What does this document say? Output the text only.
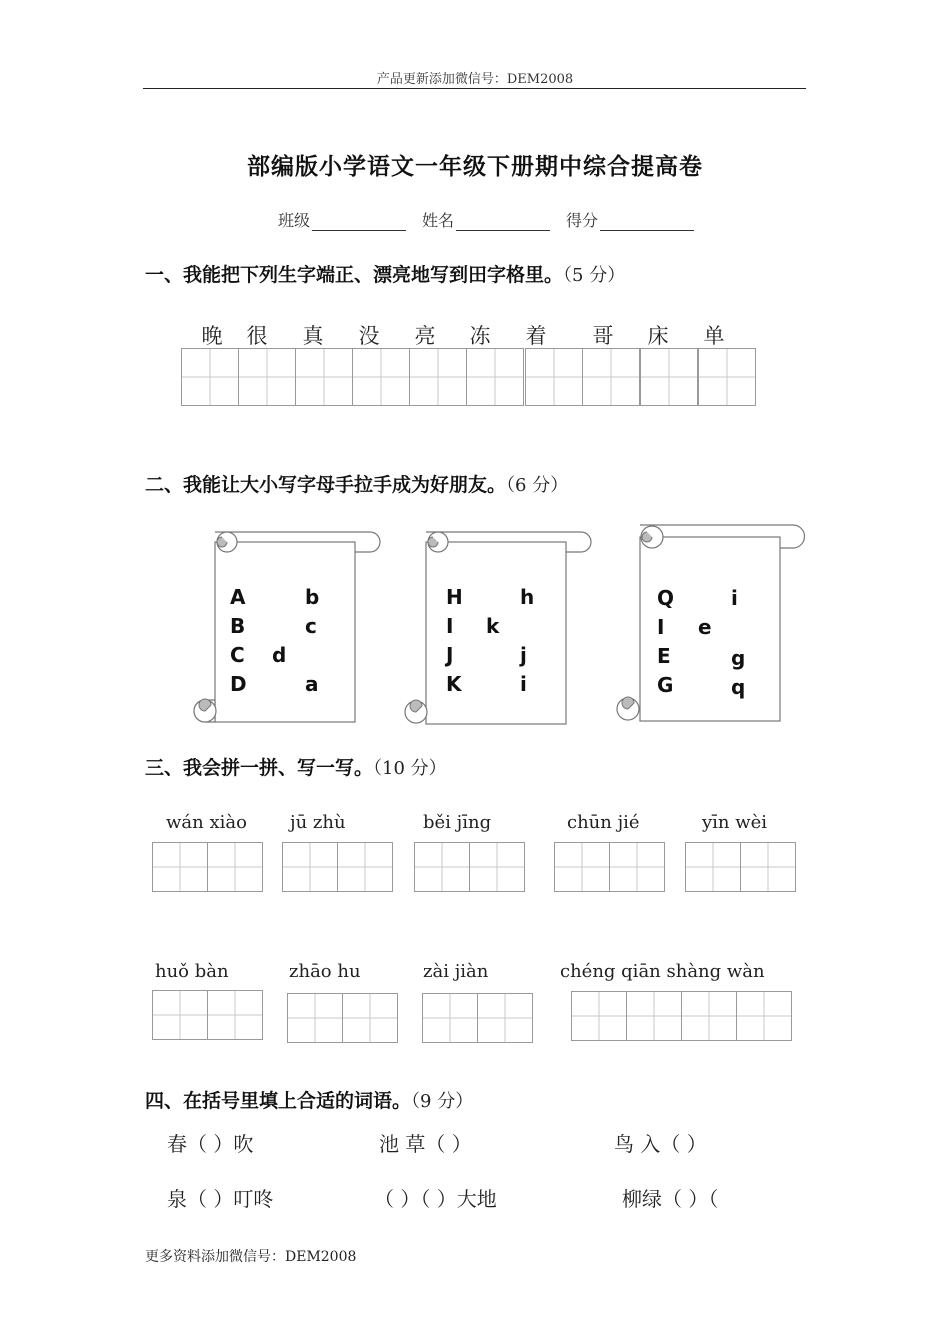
产品更新添加微信号：DEM2008
部编版小学语文一年级下册期中综合提高卷
班级	姓名	得分
一、我能把下列生字端正、漂亮地写到田字格里。（5 分）
晚	很	真	没	亮	冻	着	哥	床	单
二、我能让大小写字母手拉手成为好朋友。（6 分）
A	b
B	c
C d
D	a
H	h
I k
J	j
K	i
Q	i
I e
E	g
G	q
三、我会拼一拼、写一写。（10 分）
wán xiào jū zhù	běi jīng	chūn jié	yīn wèi
huǒ bàn	zhāo hu	zài jiàn	chéng qiān shàng wàn
四、在括号里填上合适的词语。（9 分）
春（ ）吹	池 草（ ）	鸟 入（ ）
泉（ ）叮咚	（ ）（ ）大地	柳绿（ ）（
更多资料添加微信号：DEM2008
